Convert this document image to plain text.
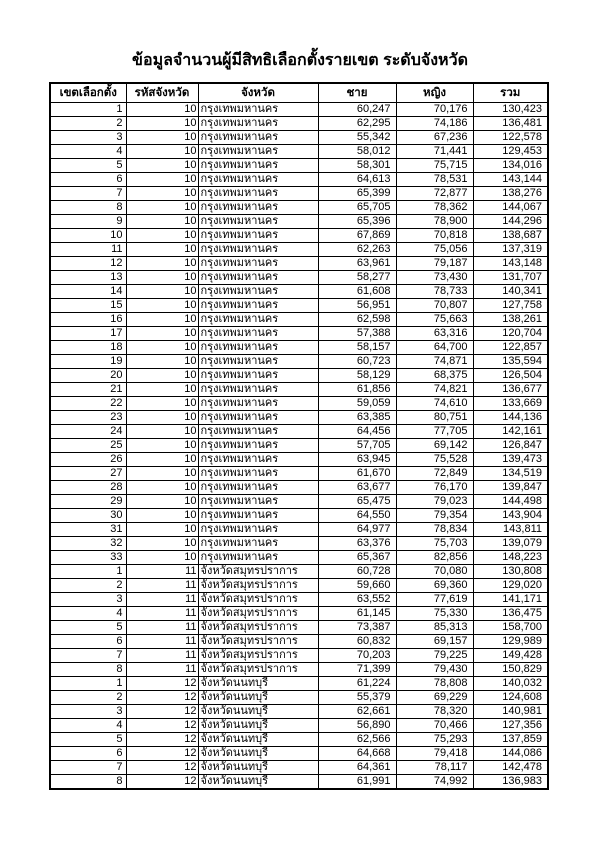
ข้อมูลจำนวนผู้มีสิทธิเลือกตั้งรายเขต ระดับจังหวัด
เขตเลือกตั้ง	รหัสจังหวัด	จังหวัด	ชาย	หญิง	รวม
1	10	กรุงเทพมหานคร	60,247	70,176	130,423
2	10	กรุงเทพมหานคร	62,295	74,186	136,481
3	10	กรุงเทพมหานคร	55,342	67,236	122,578
4	10	กรุงเทพมหานคร	58,012	71,441	129,453
5	10	กรุงเทพมหานคร	58,301	75,715	134,016
6	10	กรุงเทพมหานคร	64,613	78,531	143,144
7	10	กรุงเทพมหานคร	65,399	72,877	138,276
8	10	กรุงเทพมหานคร	65,705	78,362	144,067
9	10	กรุงเทพมหานคร	65,396	78,900	144,296
10	10	กรุงเทพมหานคร	67,869	70,818	138,687
11	10	กรุงเทพมหานคร	62,263	75,056	137,319
12	10	กรุงเทพมหานคร	63,961	79,187	143,148
13	10	กรุงเทพมหานคร	58,277	73,430	131,707
14	10	กรุงเทพมหานคร	61,608	78,733	140,341
15	10	กรุงเทพมหานคร	56,951	70,807	127,758
16	10	กรุงเทพมหานคร	62,598	75,663	138,261
17	10	กรุงเทพมหานคร	57,388	63,316	120,704
18	10	กรุงเทพมหานคร	58,157	64,700	122,857
19	10	กรุงเทพมหานคร	60,723	74,871	135,594
20	10	กรุงเทพมหานคร	58,129	68,375	126,504
21	10	กรุงเทพมหานคร	61,856	74,821	136,677
22	10	กรุงเทพมหานคร	59,059	74,610	133,669
23	10	กรุงเทพมหานคร	63,385	80,751	144,136
24	10	กรุงเทพมหานคร	64,456	77,705	142,161
25	10	กรุงเทพมหานคร	57,705	69,142	126,847
26	10	กรุงเทพมหานคร	63,945	75,528	139,473
27	10	กรุงเทพมหานคร	61,670	72,849	134,519
28	10	กรุงเทพมหานคร	63,677	76,170	139,847
29	10	กรุงเทพมหานคร	65,475	79,023	144,498
30	10	กรุงเทพมหานคร	64,550	79,354	143,904
31	10	กรุงเทพมหานคร	64,977	78,834	143,811
32	10	กรุงเทพมหานคร	63,376	75,703	139,079
33	10	กรุงเทพมหานคร	65,367	82,856	148,223
1	11	จังหวัดสมุทรปราการ	60,728	70,080	130,808
2	11	จังหวัดสมุทรปราการ	59,660	69,360	129,020
3	11	จังหวัดสมุทรปราการ	63,552	77,619	141,171
4	11	จังหวัดสมุทรปราการ	61,145	75,330	136,475
5	11	จังหวัดสมุทรปราการ	73,387	85,313	158,700
6	11	จังหวัดสมุทรปราการ	60,832	69,157	129,989
7	11	จังหวัดสมุทรปราการ	70,203	79,225	149,428
8	11	จังหวัดสมุทรปราการ	71,399	79,430	150,829
1	12	จังหวัดนนทบุรี	61,224	78,808	140,032
2	12	จังหวัดนนทบุรี	55,379	69,229	124,608
3	12	จังหวัดนนทบุรี	62,661	78,320	140,981
4	12	จังหวัดนนทบุรี	56,890	70,466	127,356
5	12	จังหวัดนนทบุรี	62,566	75,293	137,859
6	12	จังหวัดนนทบุรี	64,668	79,418	144,086
7	12	จังหวัดนนทบุรี	64,361	78,117	142,478
8	12	จังหวัดนนทบุรี	61,991	74,992	136,983
